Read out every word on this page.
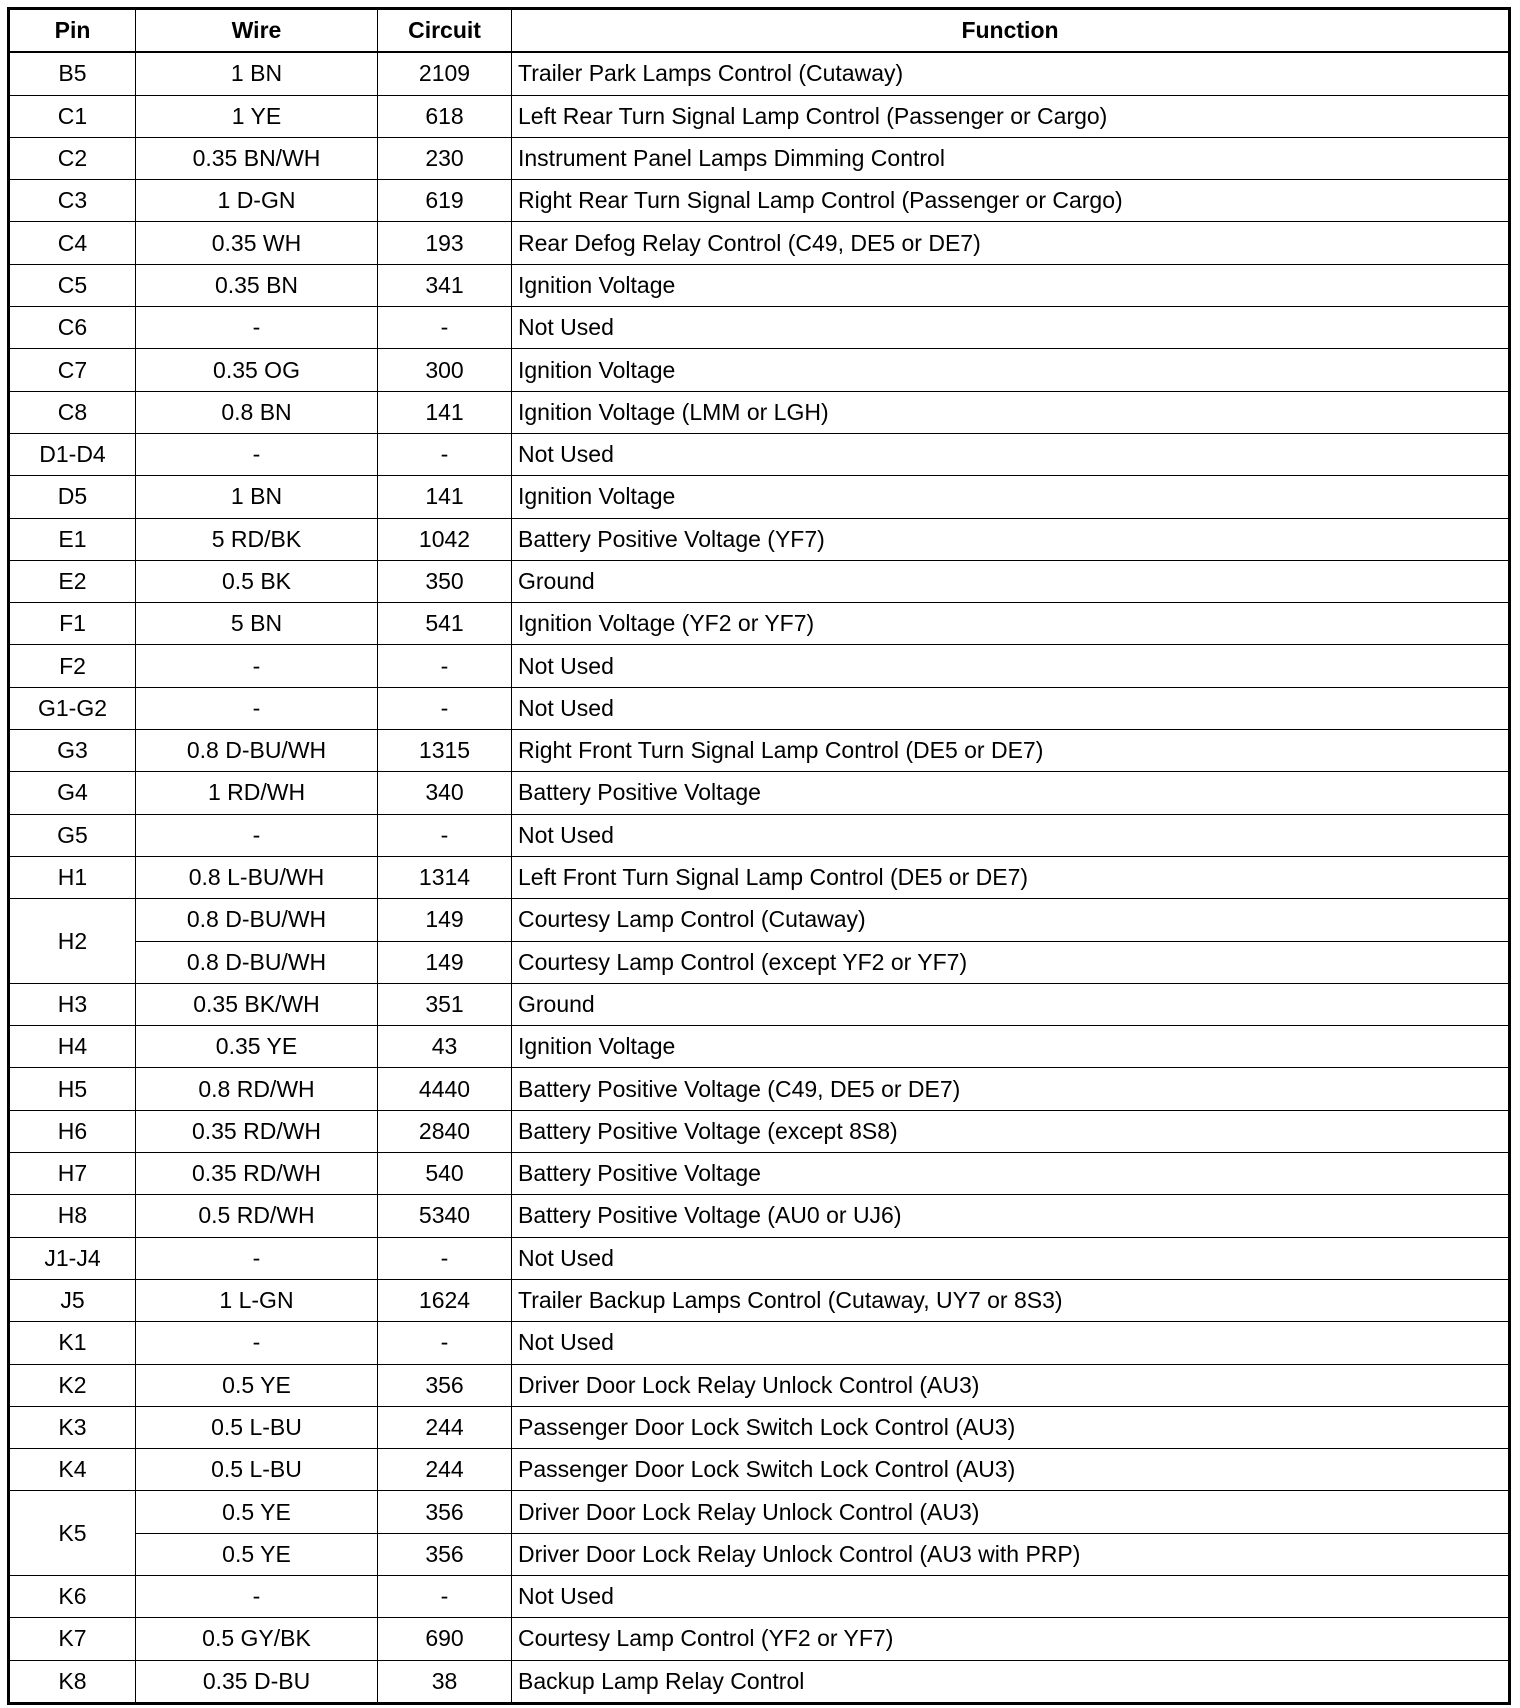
Pin	Wire	Circuit	Function
B5	1 BN	2109	Trailer Park Lamps Control (Cutaway)
C1	1 YE	618	Left Rear Turn Signal Lamp Control (Passenger or Cargo)
C2	0.35 BN/WH	230	Instrument Panel Lamps Dimming Control
C3	1 D-GN	619	Right Rear Turn Signal Lamp Control (Passenger or Cargo)
C4	0.35 WH	193	Rear Defog Relay Control (C49, DE5 or DE7)
C5	0.35 BN	341	Ignition Voltage
C6	-	-	Not Used
C7	0.35 OG	300	Ignition Voltage
C8	0.8 BN	141	Ignition Voltage (LMM or LGH)
D1-D4	-	-	Not Used
D5	1 BN	141	Ignition Voltage
E1	5 RD/BK	1042	Battery Positive Voltage (YF7)
E2	0.5 BK	350	Ground
F1	5 BN	541	Ignition Voltage (YF2 or YF7)
F2	-	-	Not Used
G1-G2	-	-	Not Used
G3	0.8 D-BU/WH	1315	Right Front Turn Signal Lamp Control (DE5 or DE7)
G4	1 RD/WH	340	Battery Positive Voltage
G5	-	-	Not Used
H1	0.8 L-BU/WH	1314	Left Front Turn Signal Lamp Control (DE5 or DE7)
H2	0.8 D-BU/WH	149	Courtesy Lamp Control (Cutaway)
	0.8 D-BU/WH	149	Courtesy Lamp Control (except YF2 or YF7)
H3	0.35 BK/WH	351	Ground
H4	0.35 YE	43	Ignition Voltage
H5	0.8 RD/WH	4440	Battery Positive Voltage (C49, DE5 or DE7)
H6	0.35 RD/WH	2840	Battery Positive Voltage (except 8S8)
H7	0.35 RD/WH	540	Battery Positive Voltage
H8	0.5 RD/WH	5340	Battery Positive Voltage (AU0 or UJ6)
J1-J4	-	-	Not Used
J5	1 L-GN	1624	Trailer Backup Lamps Control (Cutaway, UY7 or 8S3)
K1	-	-	Not Used
K2	0.5 YE	356	Driver Door Lock Relay Unlock Control (AU3)
K3	0.5 L-BU	244	Passenger Door Lock Switch Lock Control (AU3)
K4	0.5 L-BU	244	Passenger Door Lock Switch Lock Control (AU3)
K5	0.5 YE	356	Driver Door Lock Relay Unlock Control (AU3)
	0.5 YE	356	Driver Door Lock Relay Unlock Control (AU3 with PRP)
K6	-	-	Not Used
K7	0.5 GY/BK	690	Courtesy Lamp Control (YF2 or YF7)
K8	0.35 D-BU	38	Backup Lamp Relay Control
